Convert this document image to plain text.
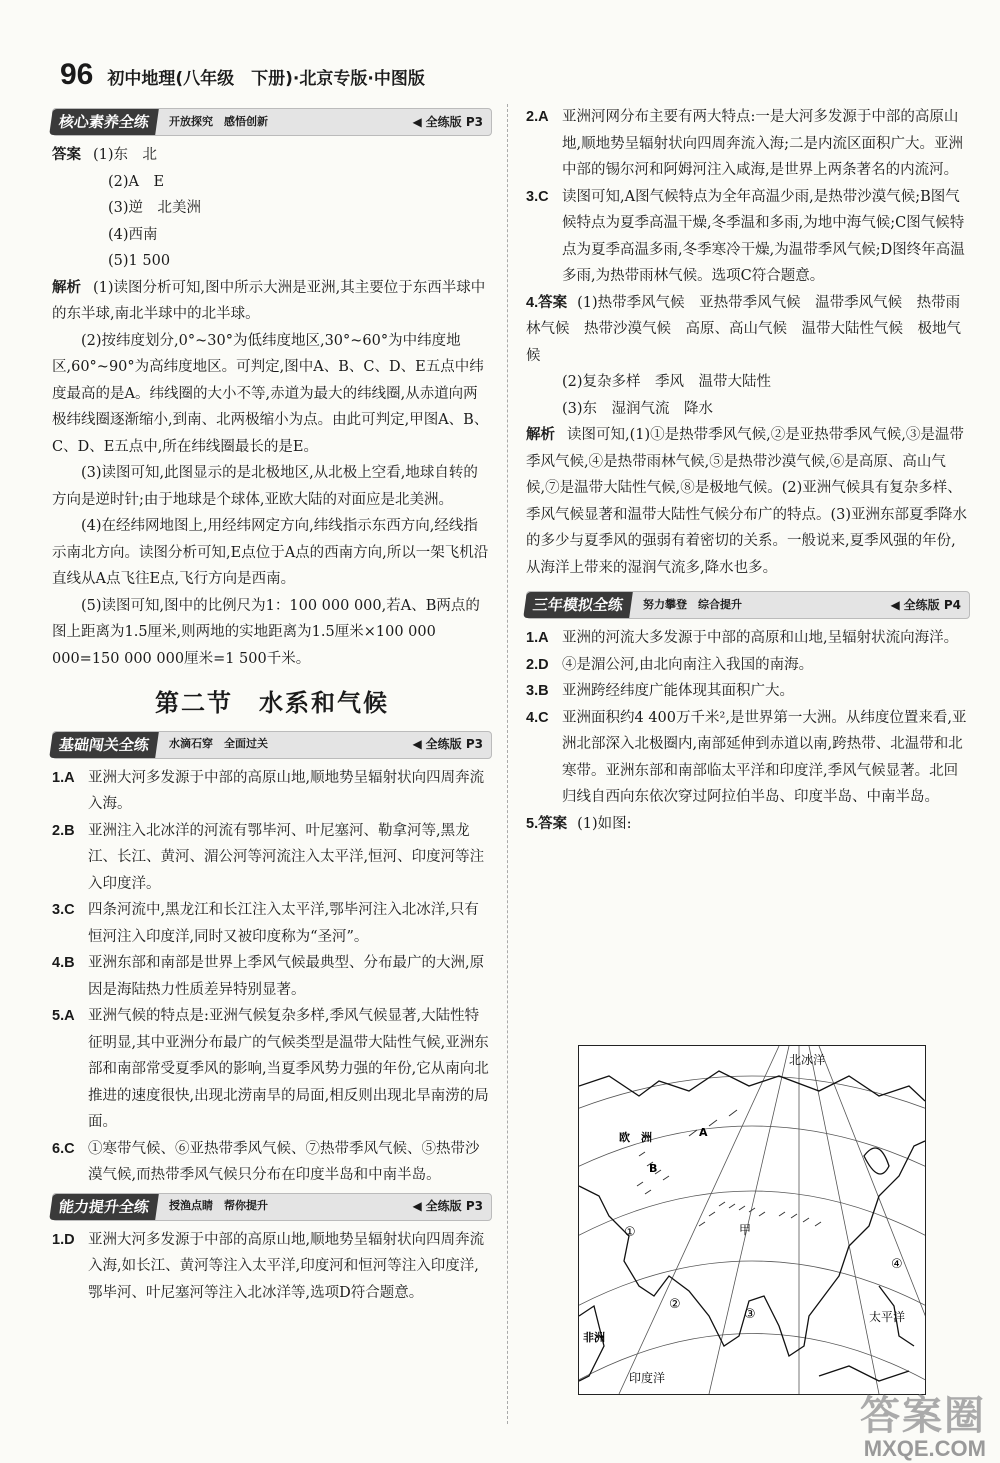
96 初中地理(八年级　下册)·北京专版·中图版
核心素养全练	开放探究　感悟创新	◀ 全练版 P3

答案 (1)东　北

(2)A　E

(3)逆　北美洲

(4)西南

(5)1 500

解析 (1)读图分析可知,图中所示大洲是亚洲,其主要位于东西半球中的东半球,南北半球中的北半球。

(2)按纬度划分,0°~30°为低纬度地区,30°~60°为中纬度地区,60°~90°为高纬度地区。可判定,图中A、B、C、D、E五点中纬度最高的是A。纬线圈的大小不等,赤道为最大的纬线圈,从赤道向两极纬线圈逐渐缩小,到南、北两极缩小为点。由此可判定,甲图A、B、C、D、E五点中,所在纬线圈最长的是E。

(3)读图可知,此图显示的是北极地区,从北极上空看,地球自转的方向是逆时针;由于地球是个球体,亚欧大陆的对面应是北美洲。

(4)在经纬网地图上,用经纬网定方向,纬线指示东西方向,经线指示南北方向。读图分析可知,E点位于A点的西南方向,所以一架飞机沿直线从A点飞往E点,飞行方向是西南。

(5)读图可知,图中的比例尺为1：100 000 000,若A、B两点的图上距离为1.5厘米,则两地的实地距离为1.5厘米×100 000 000=150 000 000厘米=1 500千米。

第二节　水系和气候
基础闯关全练	水滴石穿　全面过关	◀ 全练版 P3

1.A 亚洲大河多发源于中部的高原山地,顺地势呈辐射状向四周奔流入海。

2.B 亚洲注入北冰洋的河流有鄂毕河、叶尼塞河、勒拿河等,黑龙江、长江、黄河、湄公河等河流注入太平洋,恒河、印度河等注入印度洋。

3.C 四条河流中,黑龙江和长江注入太平洋,鄂毕河注入北冰洋,只有恒河注入印度洋,同时又被印度称为“圣河”。

4.B 亚洲东部和南部是世界上季风气候最典型、分布最广的大洲,原因是海陆热力性质差异特别显著。

5.A 亚洲气候的特点是:亚洲气候复杂多样,季风气候显著,大陆性特征明显,其中亚洲分布最广的气候类型是温带大陆性气候,亚洲东部和南部常受夏季风的影响,当夏季风势力强的年份,它从南向北推进的速度很快,出现北涝南旱的局面,相反则出现北旱南涝的局面。

6.C ①寒带气候、⑥亚热带季风气候、⑦热带季风气候、⑤热带沙漠气候,而热带季风气候只分布在印度半岛和中南半岛。

能力提升全练	授渔点睛　帮你提升	◀ 全练版 P3

1.D 亚洲大河多发源于中部的高原山地,顺地势呈辐射状向四周奔流入海,如长江、黄河等注入太平洋,印度河和恒河等注入印度洋,鄂毕河、叶尼塞河等注入北冰洋等,选项D符合题意。

2.A 亚洲河网分布主要有两大特点:一是大河多发源于中部的高原山地,顺地势呈辐射状向四周奔流入海;二是内流区面积广大。亚洲中部的锡尔河和阿姆河注入咸海,是世界上两条著名的内流河。

3.C 读图可知,A图气候特点为全年高温少雨,是热带沙漠气候;B图气候特点为夏季高温干燥,冬季温和多雨,为地中海气候;C图气候特点为夏季高温多雨,冬季寒冷干燥,为温带季风气候;D图终年高温多雨,为热带雨林气候。选项C符合题意。

4.答案 (1)热带季风气候　亚热带季风气候　温带季风气候　热带雨林气候　热带沙漠气候　高原、高山气候　温带大陆性气候　极地气候

(2)复杂多样　季风　温带大陆性

(3)东　湿润气流　降水

解析 读图可知,(1)①是热带季风气候,②是亚热带季风气候,③是温带季风气候,④是热带雨林气候,⑤是热带沙漠气候,⑥是高原、高山气候,⑦是温带大陆性气候,⑧是极地气候。(2)亚洲气候具有复杂多样、季风气候显著和温带大陆性气候分布广的特点。(3)亚洲东部夏季降水的多少与夏季风的强弱有着密切的关系。一般说来,夏季风强的年份,从海洋上带来的湿润气流多,降水也多。

三年模拟全练	努力攀登　综合提升	◀ 全练版 P4

1.A 亚洲的河流大多发源于中部的高原和山地,呈辐射状流向海洋。

2.D ④是湄公河,由北向南注入我国的南海。

3.B 亚洲跨经纬度广能体现其面积广大。

4.C 亚洲面积约4 400万千米²,是世界第一大洲。从纬度位置来看,亚洲北部深入北极圈内,南部延伸到赤道以南,跨热带、北温带和北寒带。亚洲东部和南部临太平洋和印度洋,季风气候显著。北回归线自西向东依次穿过阿拉伯半岛、印度半岛、中南半岛。

5.答案 (1)如图:

北冰洋
欧　洲
非洲
太平洋
印度洋
甲
A
B
①
②
③
④
答案圈
MXQE.COM
